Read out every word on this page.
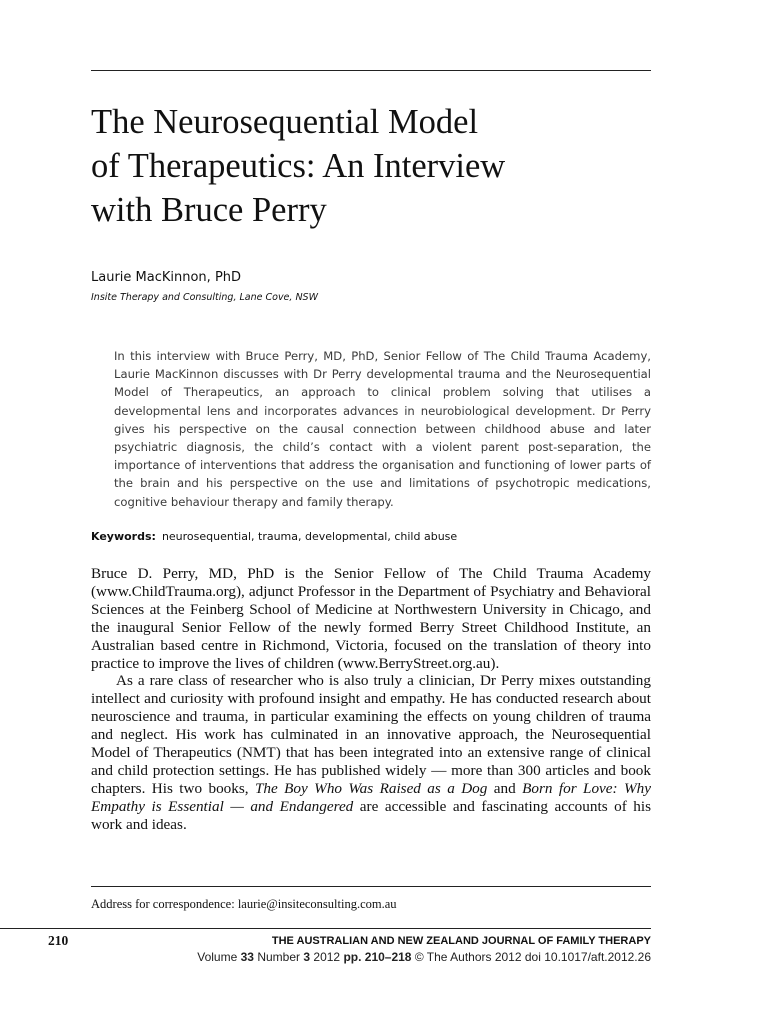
The Neurosequential Model
of Therapeutics: An Interview
with Bruce Perry
Laurie MacKinnon, PhD
Insite Therapy and Consulting, Lane Cove, NSW

In this interview with Bruce Perry, MD, PhD, Senior Fellow of The Child Trauma Academy, Laurie MacKinnon discusses with Dr Perry developmental trauma and the Neurosequential Model of Therapeutics, an approach to clinical problem solving that utilises a developmental lens and incorporates advances in neurobiological development. Dr Perry gives his perspective on the causal connection between childhood abuse and later psychiatric diagnosis, the child’s contact with a violent parent post-separation, the importance of interventions that address the organisation and functioning of lower parts of the brain and his perspective on the use and limitations of psychotropic medications, cognitive behaviour therapy and family therapy.

Keywords: neurosequential, trauma, developmental, child abuse

Bruce D. Perry, MD, PhD is the Senior Fellow of The Child Trauma Academy (www.ChildTrauma.org), adjunct Professor in the Department of Psychiatry and Behavioral Sciences at the Feinberg School of Medicine at Northwestern University in Chicago, and the inaugural Senior Fellow of the newly formed Berry Street Childhood Institute, an Australian based centre in Richmond, Victoria, focused on the translation of theory into practice to improve the lives of children (www.BerryStreet.org.au).

As a rare class of researcher who is also truly a clinician, Dr Perry mixes outstanding intellect and curiosity with profound insight and empathy. He has conducted research about neuroscience and trauma, in particular examining the effects on young children of trauma and neglect. His work has culminated in an innovative approach, the Neurosequential Model of Therapeutics (NMT) that has been integrated into an extensive range of clinical and child protection settings. He has published widely — more than 300 articles and book chapters. His two books, The Boy Who Was Raised as a Dog and Born for Love: Why Empathy is Essential — and Endangered are accessible and fascinating accounts of his work and ideas.

Address for correspondence: laurie@insiteconsulting.com.au
210	THE AUSTRALIAN AND NEW ZEALAND JOURNAL OF FAMILY THERAPY
Volume 33 Number 3 2012 pp. 210–218 © The Authors 2012 doi 10.1017/aft.2012.26
